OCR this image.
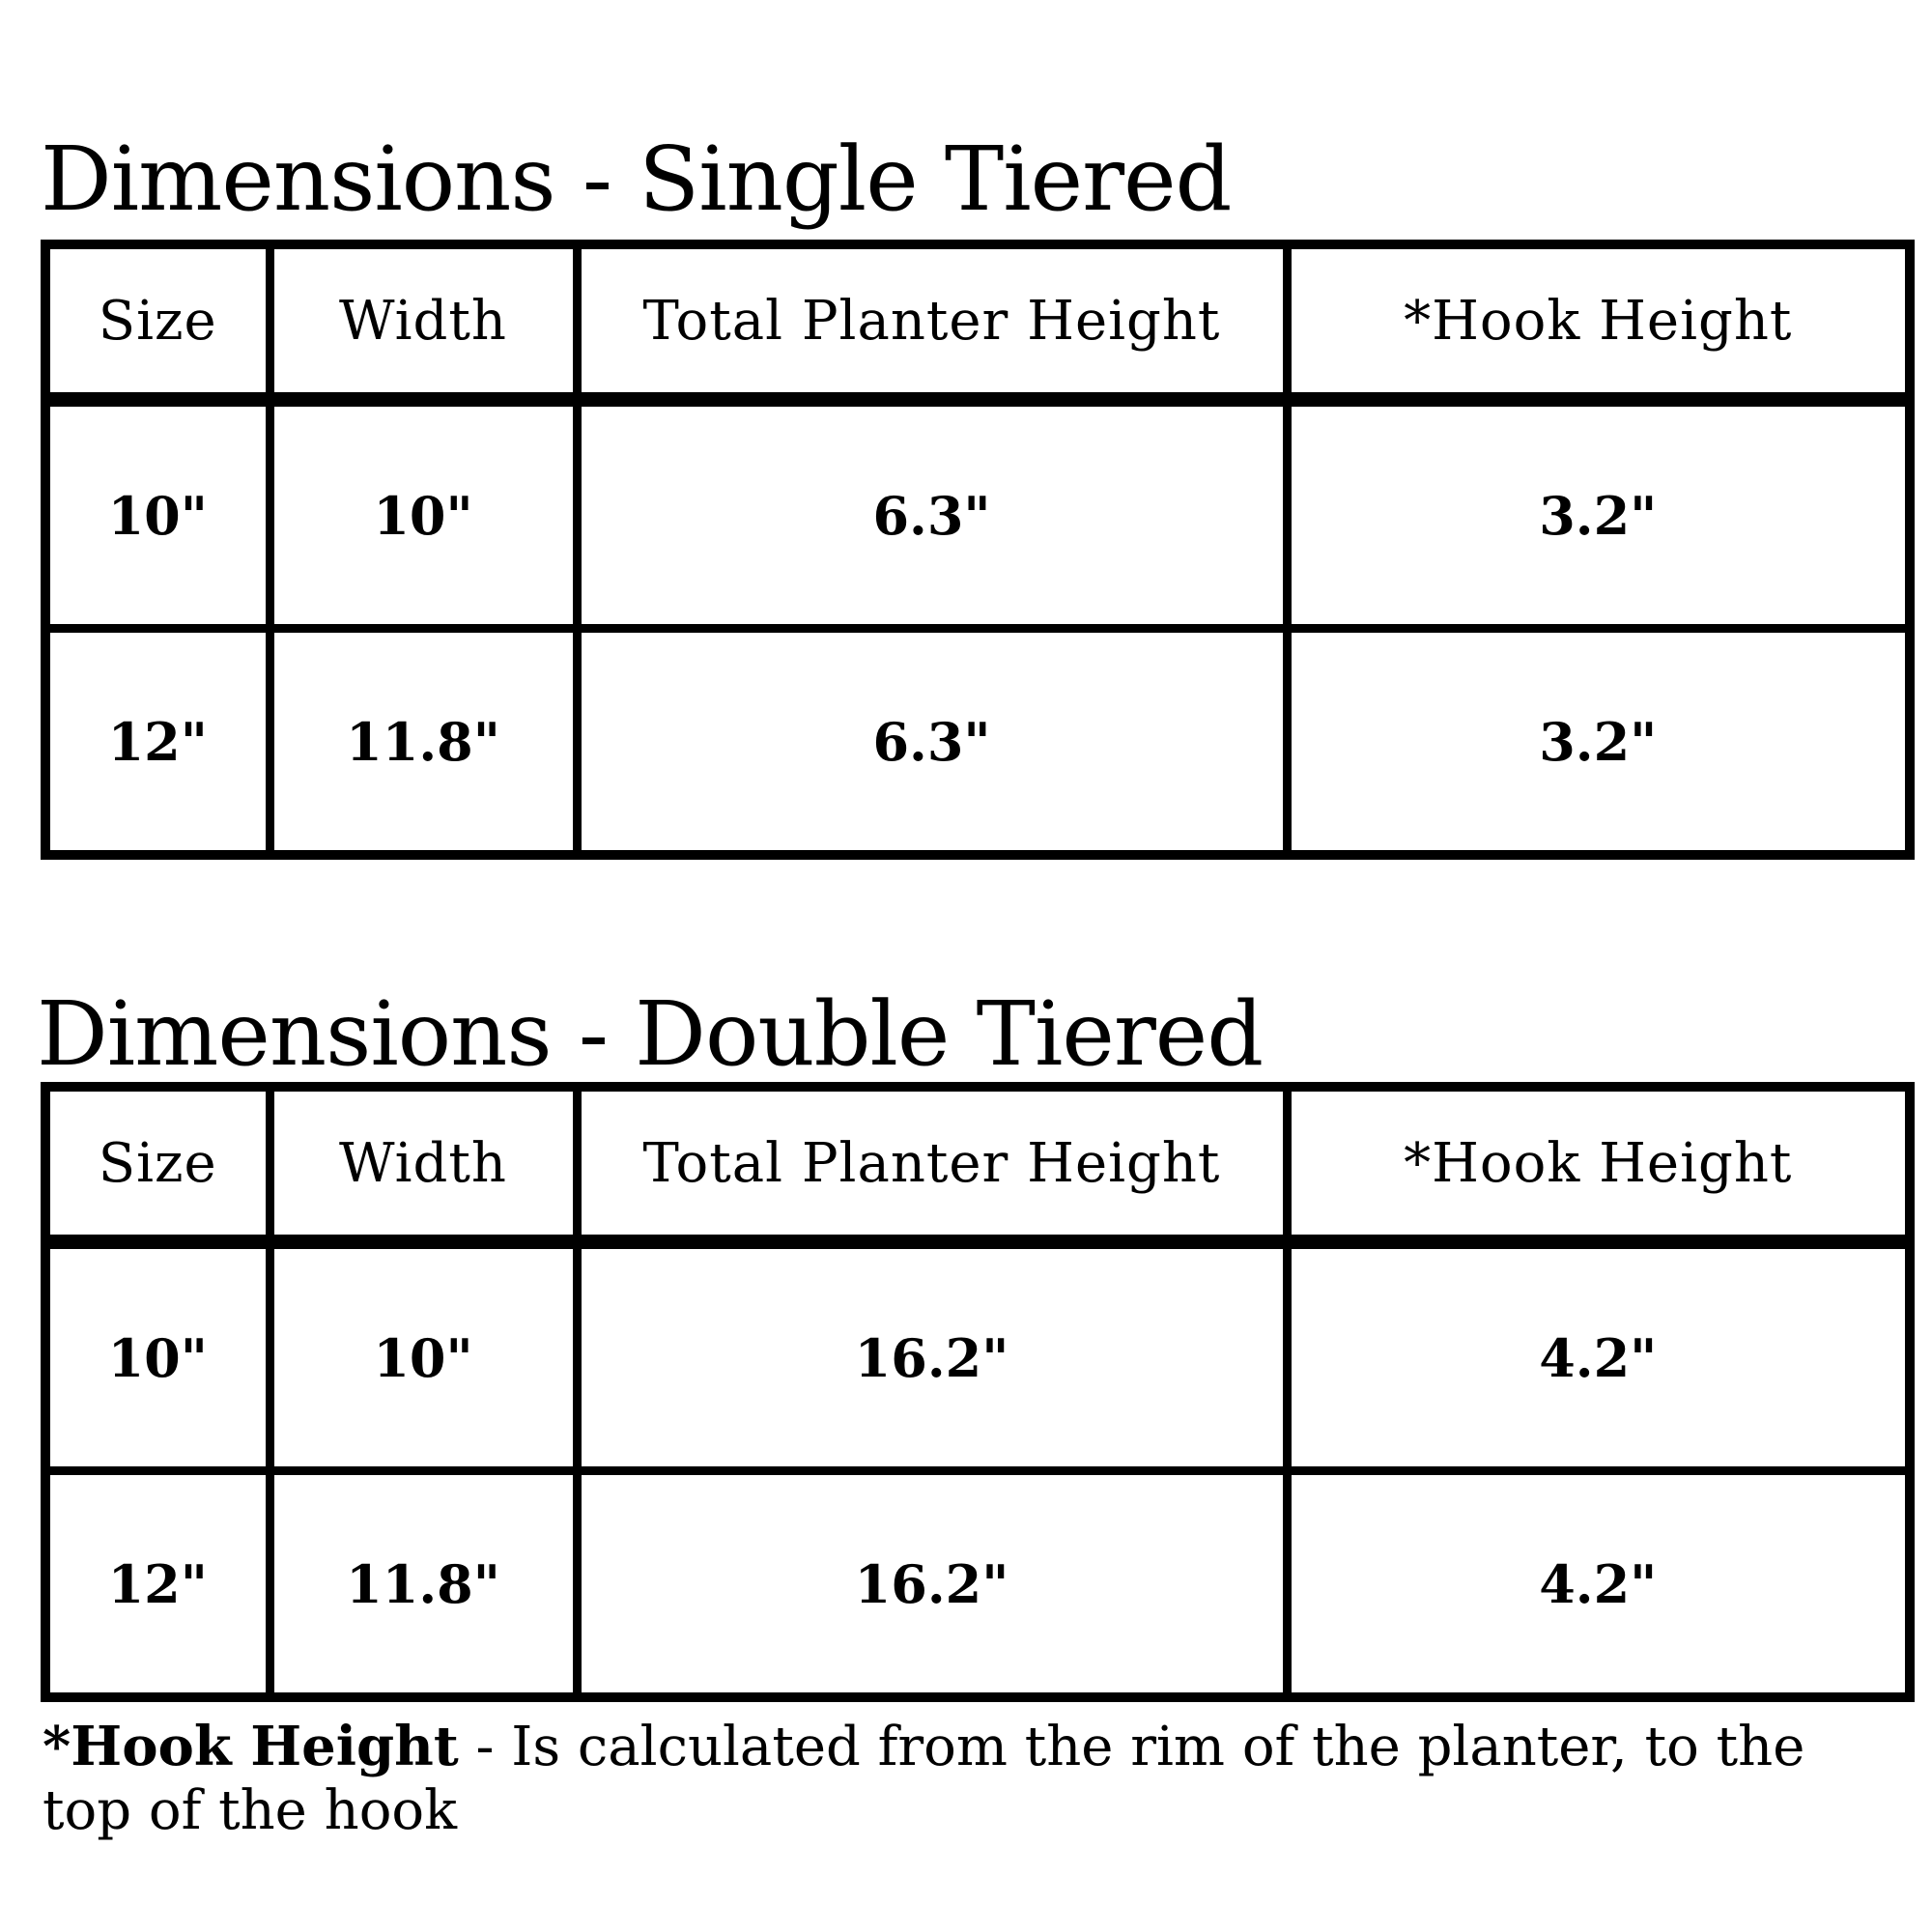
Dimensions - Single Tiered
Size	Width	Total Planter Height	*Hook Height
10"	10"	6.3"	3.2"
12"	11.8"	6.3"	3.2"
Dimensions - Double Tiered
Size	Width	Total Planter Height	*Hook Height
10"	10"	16.2"	4.2"
12"	11.8"	16.2"	4.2"

*Hook Height - Is calculated from the rim of the planter, to the top of the hook
